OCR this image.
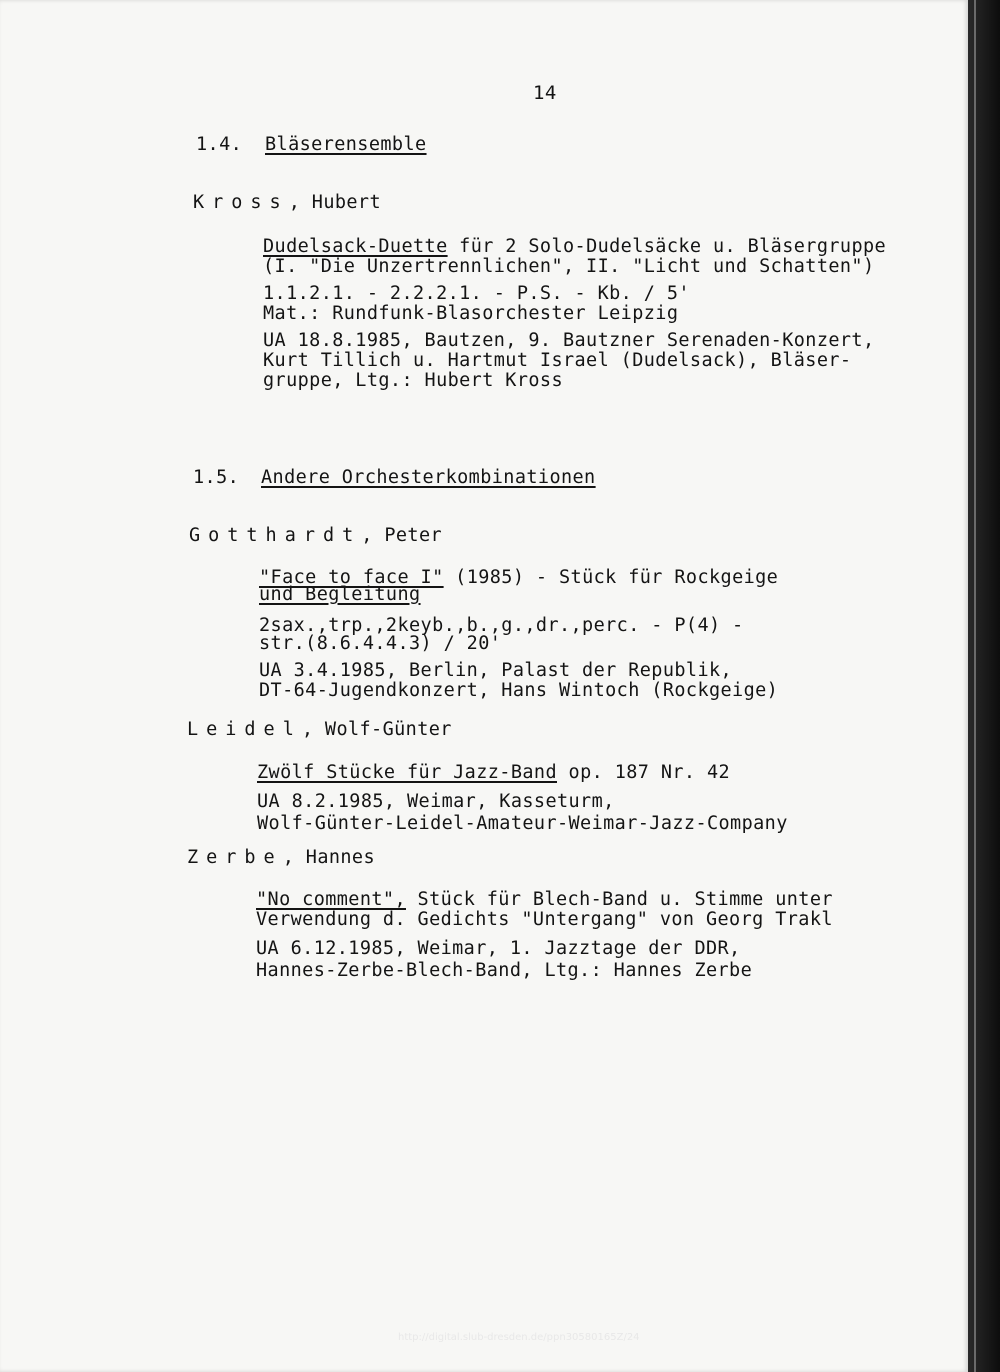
14
1.4. Bläserensemble
Kross, Hubert
Dudelsack-Duette für 2 Solo-Dudelsäcke u. Bläsergruppe
(I. "Die Unzertrennlichen", II. "Licht und Schatten")
1.1.2.1. - 2.2.2.1. - P.S. - Kb. / 5'
Mat.: Rundfunk-Blasorchester Leipzig
UA 18.8.1985, Bautzen, 9. Bautzner Serenaden-Konzert,
Kurt Tillich u. Hartmut Israel (Dudelsack), Bläser-
gruppe, Ltg.: Hubert Kross
1.5. Andere Orchesterkombinationen
Gotthardt, Peter
"Face to face I" (1985) - Stück für Rockgeige
und Begleitung
2sax.,trp.,2keyb.,b.,g.,dr.,perc. - P(4) -
str.(8.6.4.4.3) / 20'
UA 3.4.1985, Berlin, Palast der Republik,
DT-64-Jugendkonzert, Hans Wintoch (Rockgeige)
Leidel, Wolf-Günter
Zwölf Stücke für Jazz-Band op. 187 Nr. 42
UA 8.2.1985, Weimar, Kasseturm,
Wolf-Günter-Leidel-Amateur-Weimar-Jazz-Company
Zerbe, Hannes
"No comment", Stück für Blech-Band u. Stimme unter
Verwendung d. Gedichts "Untergang" von Georg Trakl
UA 6.12.1985, Weimar, 1. Jazztage der DDR,
Hannes-Zerbe-Blech-Band, Ltg.: Hannes Zerbe
http://digital.slub-dresden.de/ppn30580165Z/24
